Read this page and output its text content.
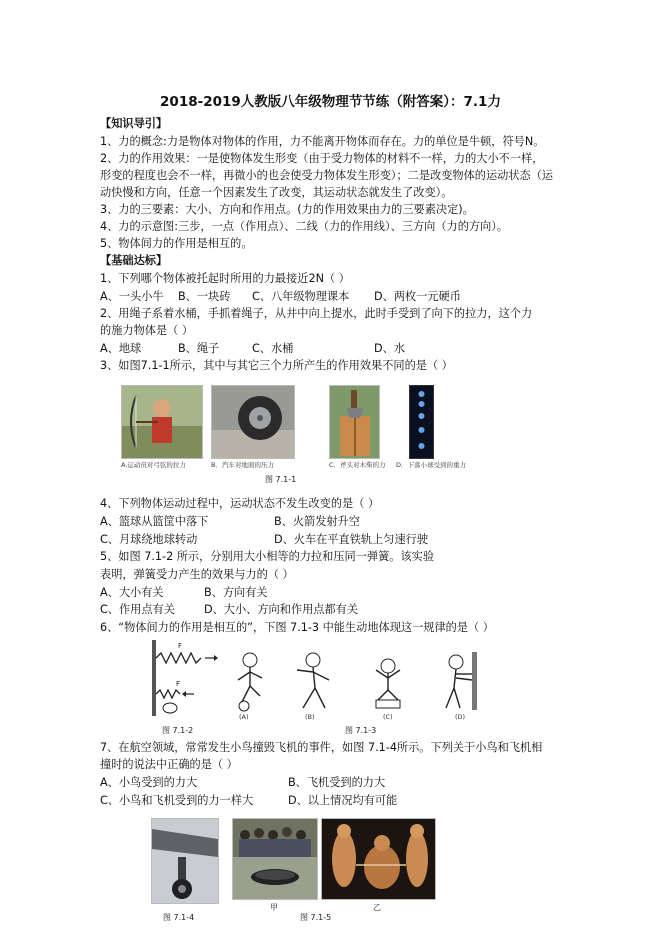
2018-2019人教版八年级物理节节练（附答案）：7.1力
【知识导引】
1、力的概念:力是物体对物体的作用，力不能离开物体而存在。力的单位是牛顿，符号N。
2、力的作用效果：一是使物体发生形变（由于受力物体的材料不一样，力的大小不一样，
形变的程度也会不一样，再微小的也会使受力物体发生形变）；二是改变物体的运动状态（运
动快慢和方向，任意一个因素发生了改变，其运动状态就发生了改变）。
3、力的三要素：大小、方向和作用点。(力的作用效果由力的三要素决定)。
4、力的示意图:三步，一点（作用点）、二线（力的作用线）、三方向（力的方向）。
5、物体间力的作用是相互的。
【基础达标】
1、下列哪个物体被托起时所用的力最接近2N（ ）
A、一头小牛 B、一块砖 C、八年级物理课本 D、两枚一元硬币
2、用绳子系着水桶，手抓着绳子，从井中向上提水，此时手受到了向下的拉力，这个力
的施力物体是（ ）
A、地球	B、绳子	C、水桶	D、水
3、如图7.1-1所示，其中与其它三个力所产生的作用效果不同的是（ ）
A.运动员对弓弦的拉力	B．汽车对地面的压力	C．斧头对木柴的力 D．下落小球受到的重力
图 7.1-1
4、下列物体运动过程中，运动状态不发生改变的是（ ）
A、篮球从篮筐中落下	B、火箭发射升空
C、月球绕地球转动	D、火车在平直铁轨上匀速行驶
5、如图 7.1-2 所示，分别用大小相等的力拉和压同一弹簧。该实验
表明，弹簧受力产生的效果与力的（ ）
A、大小有关	B、方向有关
C、作用点有关	D、大小、方向和作用点都有关
6、“物体间力的作用是相互的”，下图 7.1-3 中能生动地体现这一规律的是（ ）
F
F
(A)	(B)	(C)	(D)
图 7.1-2	图 7.1-3
7、在航空领域，常常发生小鸟撞毁飞机的事件，如图 7.1-4所示。下列关于小鸟和飞机相
撞时的说法中正确的是（ ）
A、小鸟受到的力大	B、飞机受到的力大
C、小鸟和飞机受到的力一样大	D、以上情况均有可能
甲	乙
图 7.1-4	图 7.1-5
